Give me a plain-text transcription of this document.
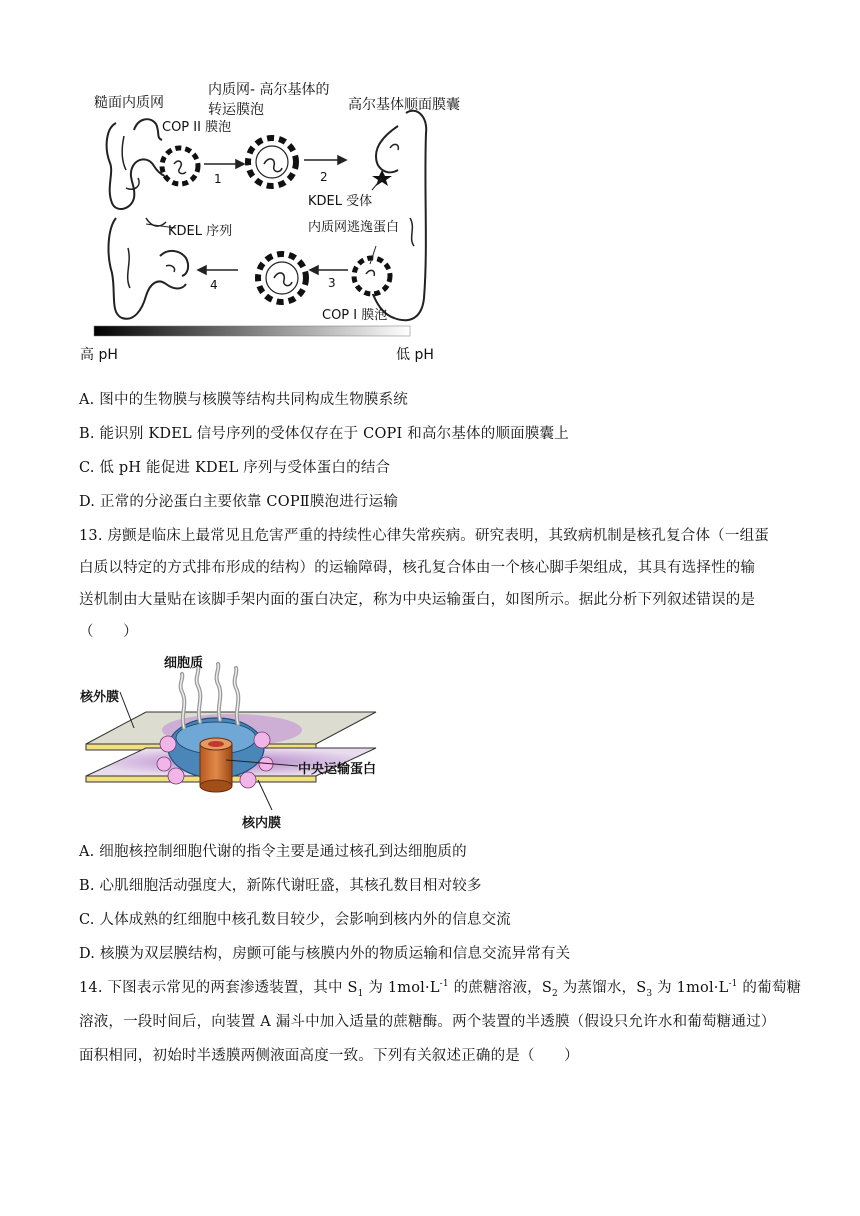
糙面内质网
内质网- 高尔基体的
转运膜泡	高尔基体顺面膜囊
COP II 膜泡
1	2
3
4
KDEL 受体
KDEL 序列	内质网逃逸蛋白
COP I 膜泡
高 pH	低 pH
A. 图中的生物膜与核膜等结构共同构成生物膜系统
B. 能识别 KDEL 信号序列的受体仅存在于 COPI 和高尔基体的顺面膜囊上
C. 低 pH 能促进 KDEL 序列与受体蛋白的结合
D. 正常的分泌蛋白主要依靠 COPⅡ膜泡进行运输
13. 房颤是临床上最常见且危害严重的持续性心律失常疾病。研究表明，其致病机制是核孔复合体（一组蛋
白质以特定的方式排布形成的结构）的运输障碍，核孔复合体由一个核心脚手架组成，其具有选择性的输
送机制由大量贴在该脚手架内面的蛋白决定，称为中央运输蛋白，如图所示。据此分析下列叙述错误的是
（　　）
细胞质
核外膜
中央运输蛋白
核内膜
A. 细胞核控制细胞代谢的指令主要是通过核孔到达细胞质的
B. 心肌细胞活动强度大，新陈代谢旺盛，其核孔数目相对较多
C. 人体成熟的红细胞中核孔数目较少，会影响到核内外的信息交流
D. 核膜为双层膜结构，房颤可能与核膜内外的物质运输和信息交流异常有关
14. 下图表示常见的两套渗透装置，其中 $S_1$ 为 $1mol\cdot L^{-1}$ 的蔗糖溶液，$S_2$ 为蒸馏水，$S_3$ 为 $1mol\cdot L^{-1}$ 的葡萄糖
溶液，一段时间后，向装置 A 漏斗中加入适量的蔗糖酶。两个装置的半透膜（假设只允许水和葡萄糖通过）
面积相同，初始时半透膜两侧液面高度一致。下列有关叙述正确的是（　　）
